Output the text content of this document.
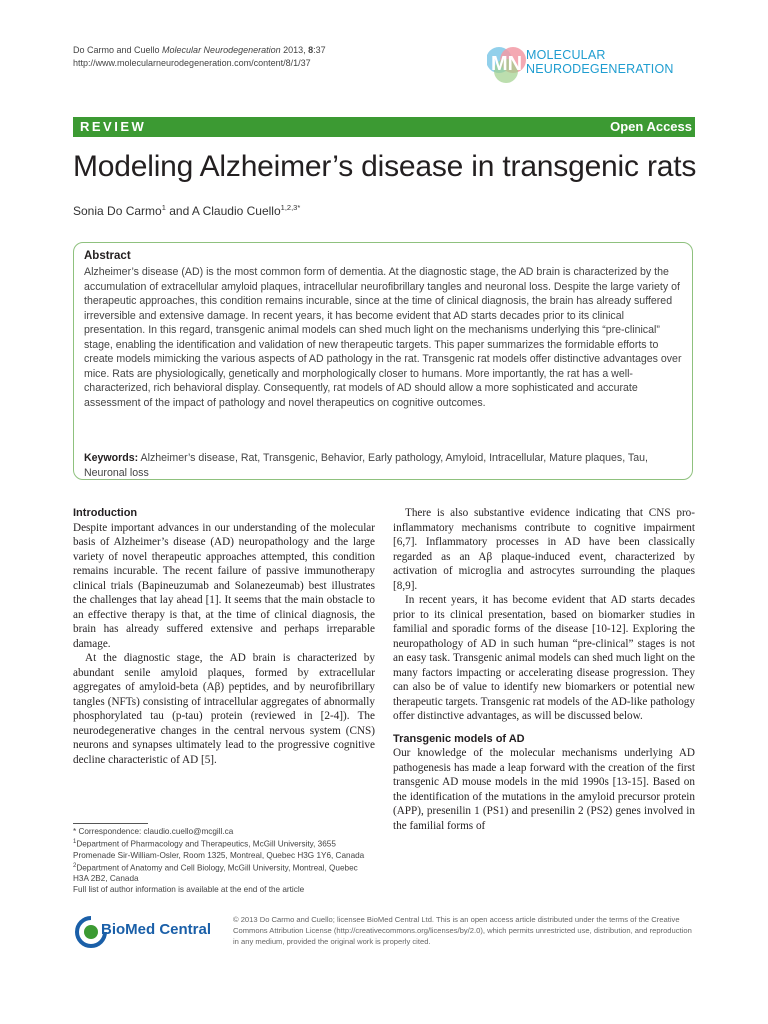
Do Carmo and Cuello Molecular Neurodegeneration 2013, 8:37
http://www.molecularneurodegeneration.com/content/8/1/37	MN MOLECULAR
NEURODEGENERATION
REVIEW	Open Access
Modeling Alzheimer’s disease in transgenic rats
Sonia Do Carmo$^1$ and A Claudio Cuello$^{1,2,3*}$
Abstract
Alzheimer’s disease (AD) is the most common form of dementia. At the diagnostic stage, the AD brain is characterized by the accumulation of extracellular amyloid plaques, intracellular neurofibrillary tangles and neuronal loss. Despite the large variety of therapeutic approaches, this condition remains incurable, since at the time of clinical diagnosis, the brain has already suffered irreversible and extensive damage. In recent years, it has become evident that AD starts decades prior to its clinical presentation. In this regard, transgenic animal models can shed much light on the mechanisms underlying this “pre-clinical” stage, enabling the identification and validation of new therapeutic targets. This paper summarizes the formidable efforts to create models mimicking the various aspects of AD pathology in the rat. Transgenic rat models offer distinctive advantages over mice. Rats are physiologically, genetically and morphologically closer to humans. More importantly, the rat has a well-characterized, rich behavioral display. Consequently, rat models of AD should allow a more sophisticated and accurate assessment of the impact of pathology and novel therapeutics on cognitive outcomes.
Keywords: Alzheimer’s disease, Rat, Transgenic, Behavior, Early pathology, Amyloid, Intracellular, Mature plaques, Tau, Neuronal loss
Introduction

Despite important advances in our understanding of the molecular basis of Alzheimer’s disease (AD) neuropathology and the large variety of novel therapeutic approaches attempted, this condition remains incurable. The recent failure of passive immunotherapy clinical trials (Bapineuzumab and Solanezeumab) best illustrates the challenges that lay ahead [1]. It seems that the main obstacle to an effective therapy is that, at the time of clinical diagnosis, the brain has already suffered extensive and perhaps irreparable damage.

At the diagnostic stage, the AD brain is characterized by abundant senile amyloid plaques, formed by extracellular aggregates of amyloid-beta (Aβ) peptides, and by neurofibrillary tangles (NFTs) consisting of intracellular aggregates of abnormally phosphorylated tau (p-tau) protein (reviewed in [2-4]). The neurodegenerative changes in the central nervous system (CNS) neurons and synapses ultimately lead to the progressive cognitive decline characteristic of AD [5].

There is also substantive evidence indicating that CNS pro-inflammatory mechanisms contribute to cognitive impairment [6,7]. Inflammatory processes in AD have been classically regarded as an Aβ plaque-induced event, characterized by activation of microglia and astrocytes surrounding the plaques [8,9].

In recent years, it has become evident that AD starts decades prior to its clinical presentation, based on biomarker studies in familial and sporadic forms of the disease [10-12]. Exploring the neuropathology of AD in such human “pre-clinical” stages is not an easy task. Transgenic animal models can shed much light on the many factors impacting or accelerating disease progression. They can also be of value to identify new biomarkers or potential new therapeutic targets. Transgenic rat models of the AD-like pathology offer distinctive advantages, as will be discussed below.

Transgenic models of AD

Our knowledge of the molecular mechanisms underlying AD pathogenesis has made a leap forward with the creation of the first transgenic AD mouse models in the mid 1990s [13-15]. Based on the identification of the mutations in the amyloid precursor protein (APP), presenilin 1 (PS1) and presenilin 2 (PS2) genes involved in the familial forms of

* Correspondence: claudio.cuello@mcgill.ca
$^1$Department of Pharmacology and Therapeutics, McGill University, 3655 Promenade Sir-William-Osler, Room 1325, Montreal, Quebec H3G 1Y6, Canada
$^2$Department of Anatomy and Cell Biology, McGill University, Montreal, Quebec H3A 2B2, Canada
Full list of author information is available at the end of the article
BioMed Central
© 2013 Do Carmo and Cuello; licensee BioMed Central Ltd. This is an open access article distributed under the terms of the Creative Commons Attribution License (http://creativecommons.org/licenses/by/2.0), which permits unrestricted use, distribution, and reproduction in any medium, provided the original work is properly cited.
